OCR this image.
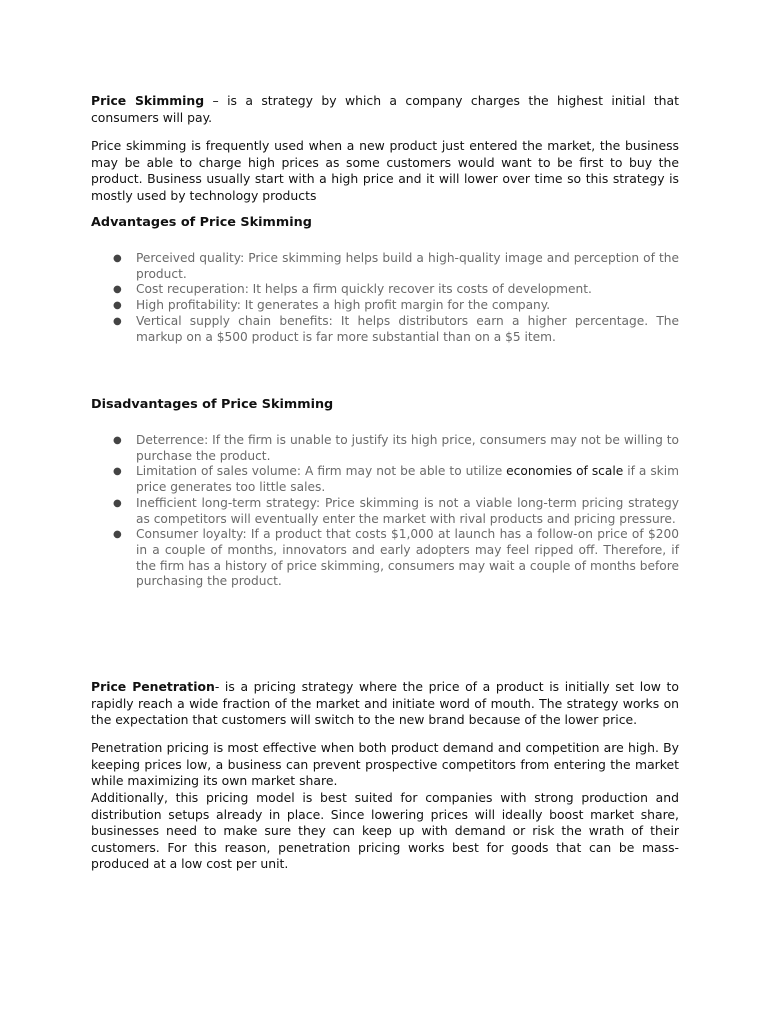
Price Skimming – is a strategy by which a company charges the highest initial that consumers will pay.
Price skimming is frequently used when a new product just entered the market, the business may be able to charge high prices as some customers would want to be first to buy the product. Business usually start with a high price and it will lower over time so this strategy is mostly used by technology products
Advantages of Price Skimming
● Perceived quality: Price skimming helps build a high-quality image and perception of the product.
● Cost recuperation: It helps a firm quickly recover its costs of development.
● High profitability: It generates a high profit margin for the company.
● Vertical supply chain benefits: It helps distributors earn a higher percentage. The markup on a $500 product is far more substantial than on a $5 item.
Disadvantages of Price Skimming
● Deterrence: If the firm is unable to justify its high price, consumers may not be willing to purchase the product.
● Limitation of sales volume: A firm may not be able to utilize economies of scale if a skim price generates too little sales.
● Inefficient long-term strategy: Price skimming is not a viable long-term pricing strategy as competitors will eventually enter the market with rival products and pricing pressure.
● Consumer loyalty: If a product that costs $1,000 at launch has a follow-on price of $200 in a couple of months, innovators and early adopters may feel ripped off. Therefore, if the firm has a history of price skimming, consumers may wait a couple of months before purchasing the product.
Price Penetration- is a pricing strategy where the price of a product is initially set low to rapidly reach a wide fraction of the market and initiate word of mouth. The strategy works on the expectation that customers will switch to the new brand because of the lower price.
Penetration pricing is most effective when both product demand and competition are high. By keeping prices low, a business can prevent prospective competitors from entering the market while maximizing its own market share.
Additionally, this pricing model is best suited for companies with strong production and distribution setups already in place. Since lowering prices will ideally boost market share, businesses need to make sure they can keep up with demand or risk the wrath of their customers. For this reason, penetration pricing works best for goods that can be mass-produced at a low cost per unit.
